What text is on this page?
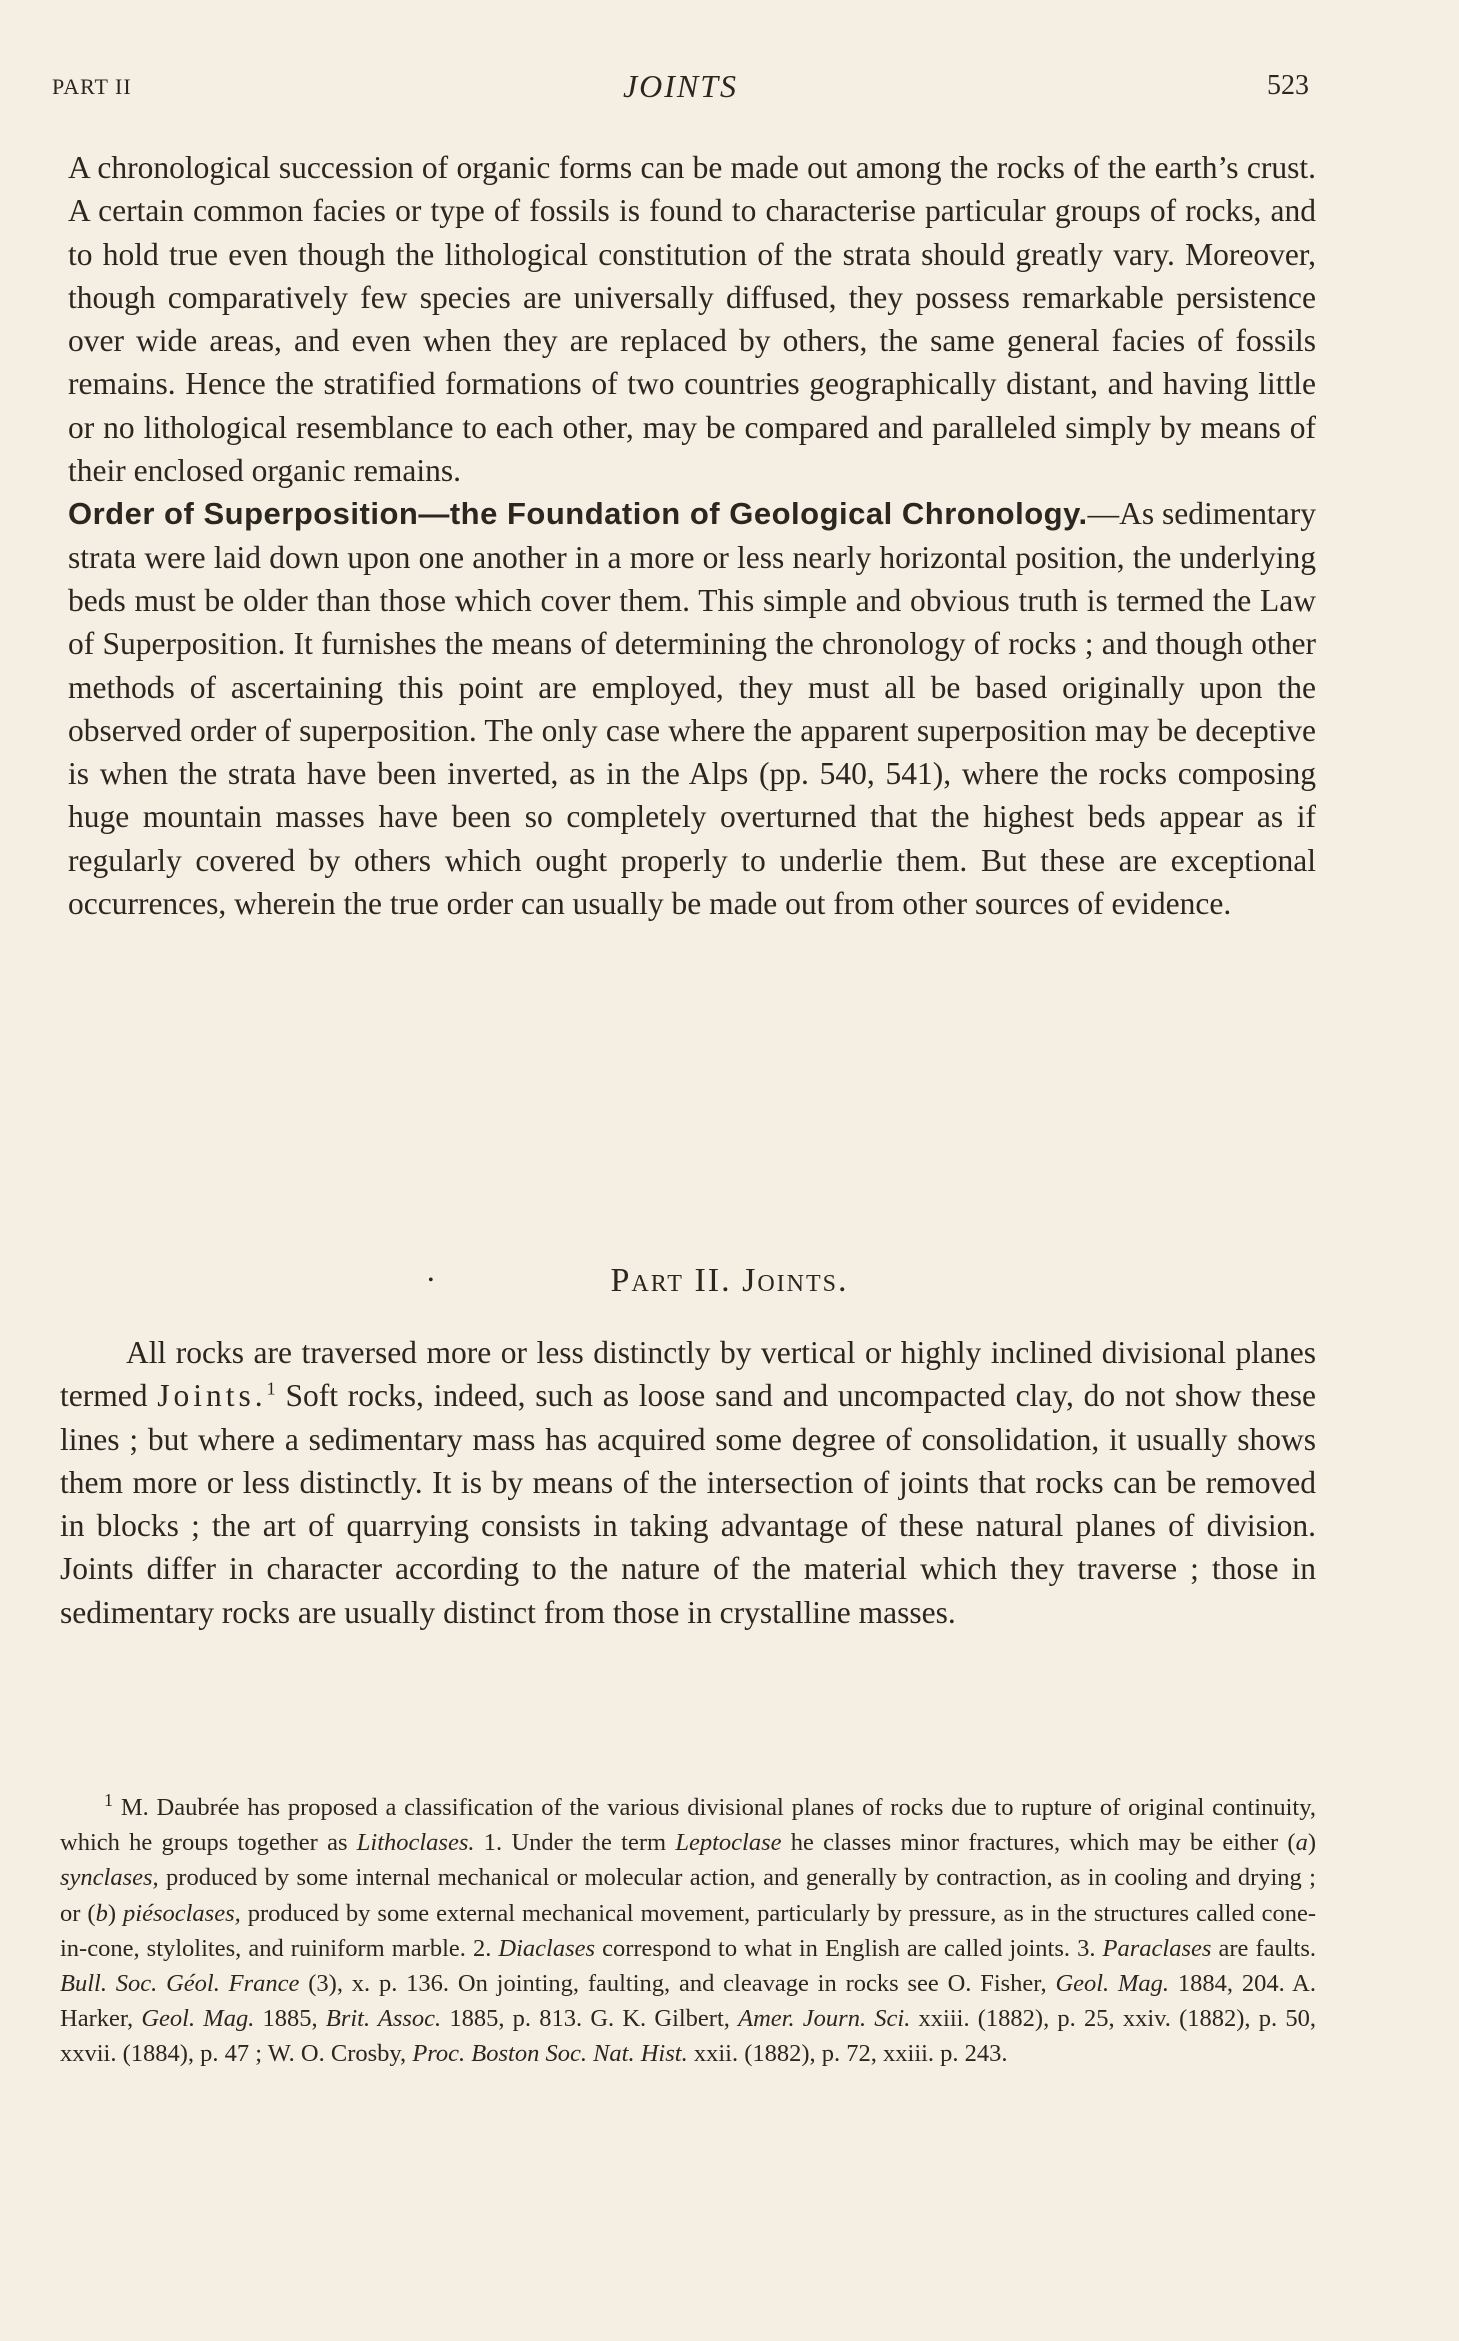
PART II	JOINTS	523

A chronological succession of organic forms can be made out among the rocks of the earth’s crust. A certain common facies or type of fossils is found to characterise particular groups of rocks, and to hold true even though the lithological constitution of the strata should greatly vary. Moreover, though comparatively few species are universally diffused, they possess remarkable persistence over wide areas, and even when they are replaced by others, the same general facies of fossils remains. Hence the stratified formations of two countries geographically distant, and having little or no lithological resemblance to each other, may be compared and paralleled simply by means of their enclosed organic remains.

Order of Superposition—the Foundation of Geological Chronology.—As sedimentary strata were laid down upon one another in a more or less nearly horizontal position, the underlying beds must be older than those which cover them. This simple and obvious truth is termed the Law of Superposition. It furnishes the means of determining the chronology of rocks ; and though other methods of ascertaining this point are employed, they must all be based originally upon the observed order of superposition. The only case where the apparent superposition may be deceptive is when the strata have been inverted, as in the Alps (pp. 540, 541), where the rocks composing huge mountain masses have been so completely overturned that the highest beds appear as if regularly covered by others which ought properly to underlie them. But these are exceptional occurrences, wherein the true order can usually be made out from other sources of evidence.

•	Part II. Joints.

All rocks are traversed more or less distinctly by vertical or highly inclined divisional planes termed Joints.$^1$ Soft rocks, indeed, such as loose sand and uncompacted clay, do not show these lines ; but where a sedimentary mass has acquired some degree of consolidation, it usually shows them more or less distinctly. It is by means of the intersection of joints that rocks can be removed in blocks ; the art of quarrying consists in taking advantage of these natural planes of division. Joints differ in character according to the nature of the material which they traverse ; those in sedimentary rocks are usually distinct from those in crystalline masses.

$^1$ M. Daubrée has proposed a classification of the various divisional planes of rocks due to rupture of original continuity, which he groups together as Lithoclases. 1. Under the term Leptoclase he classes minor fractures, which may be either (a) synclases, produced by some internal mechanical or molecular action, and generally by contraction, as in cooling and drying ; or (b) piésoclases, produced by some external mechanical movement, particularly by pressure, as in the structures called cone-in-cone, stylolites, and ruiniform marble. 2. Diaclases correspond to what in English are called joints. 3. Paraclases are faults. Bull. Soc. Géol. France (3), x. p. 136. On jointing, faulting, and cleavage in rocks see O. Fisher, Geol. Mag. 1884, 204. A. Harker, Geol. Mag. 1885, Brit. Assoc. 1885, p. 813. G. K. Gilbert, Amer. Journ. Sci. xxiii. (1882), p. 25, xxiv. (1882), p. 50, xxvii. (1884), p. 47 ; W. O. Crosby, Proc. Boston Soc. Nat. Hist. xxii. (1882), p. 72, xxiii. p. 243.
